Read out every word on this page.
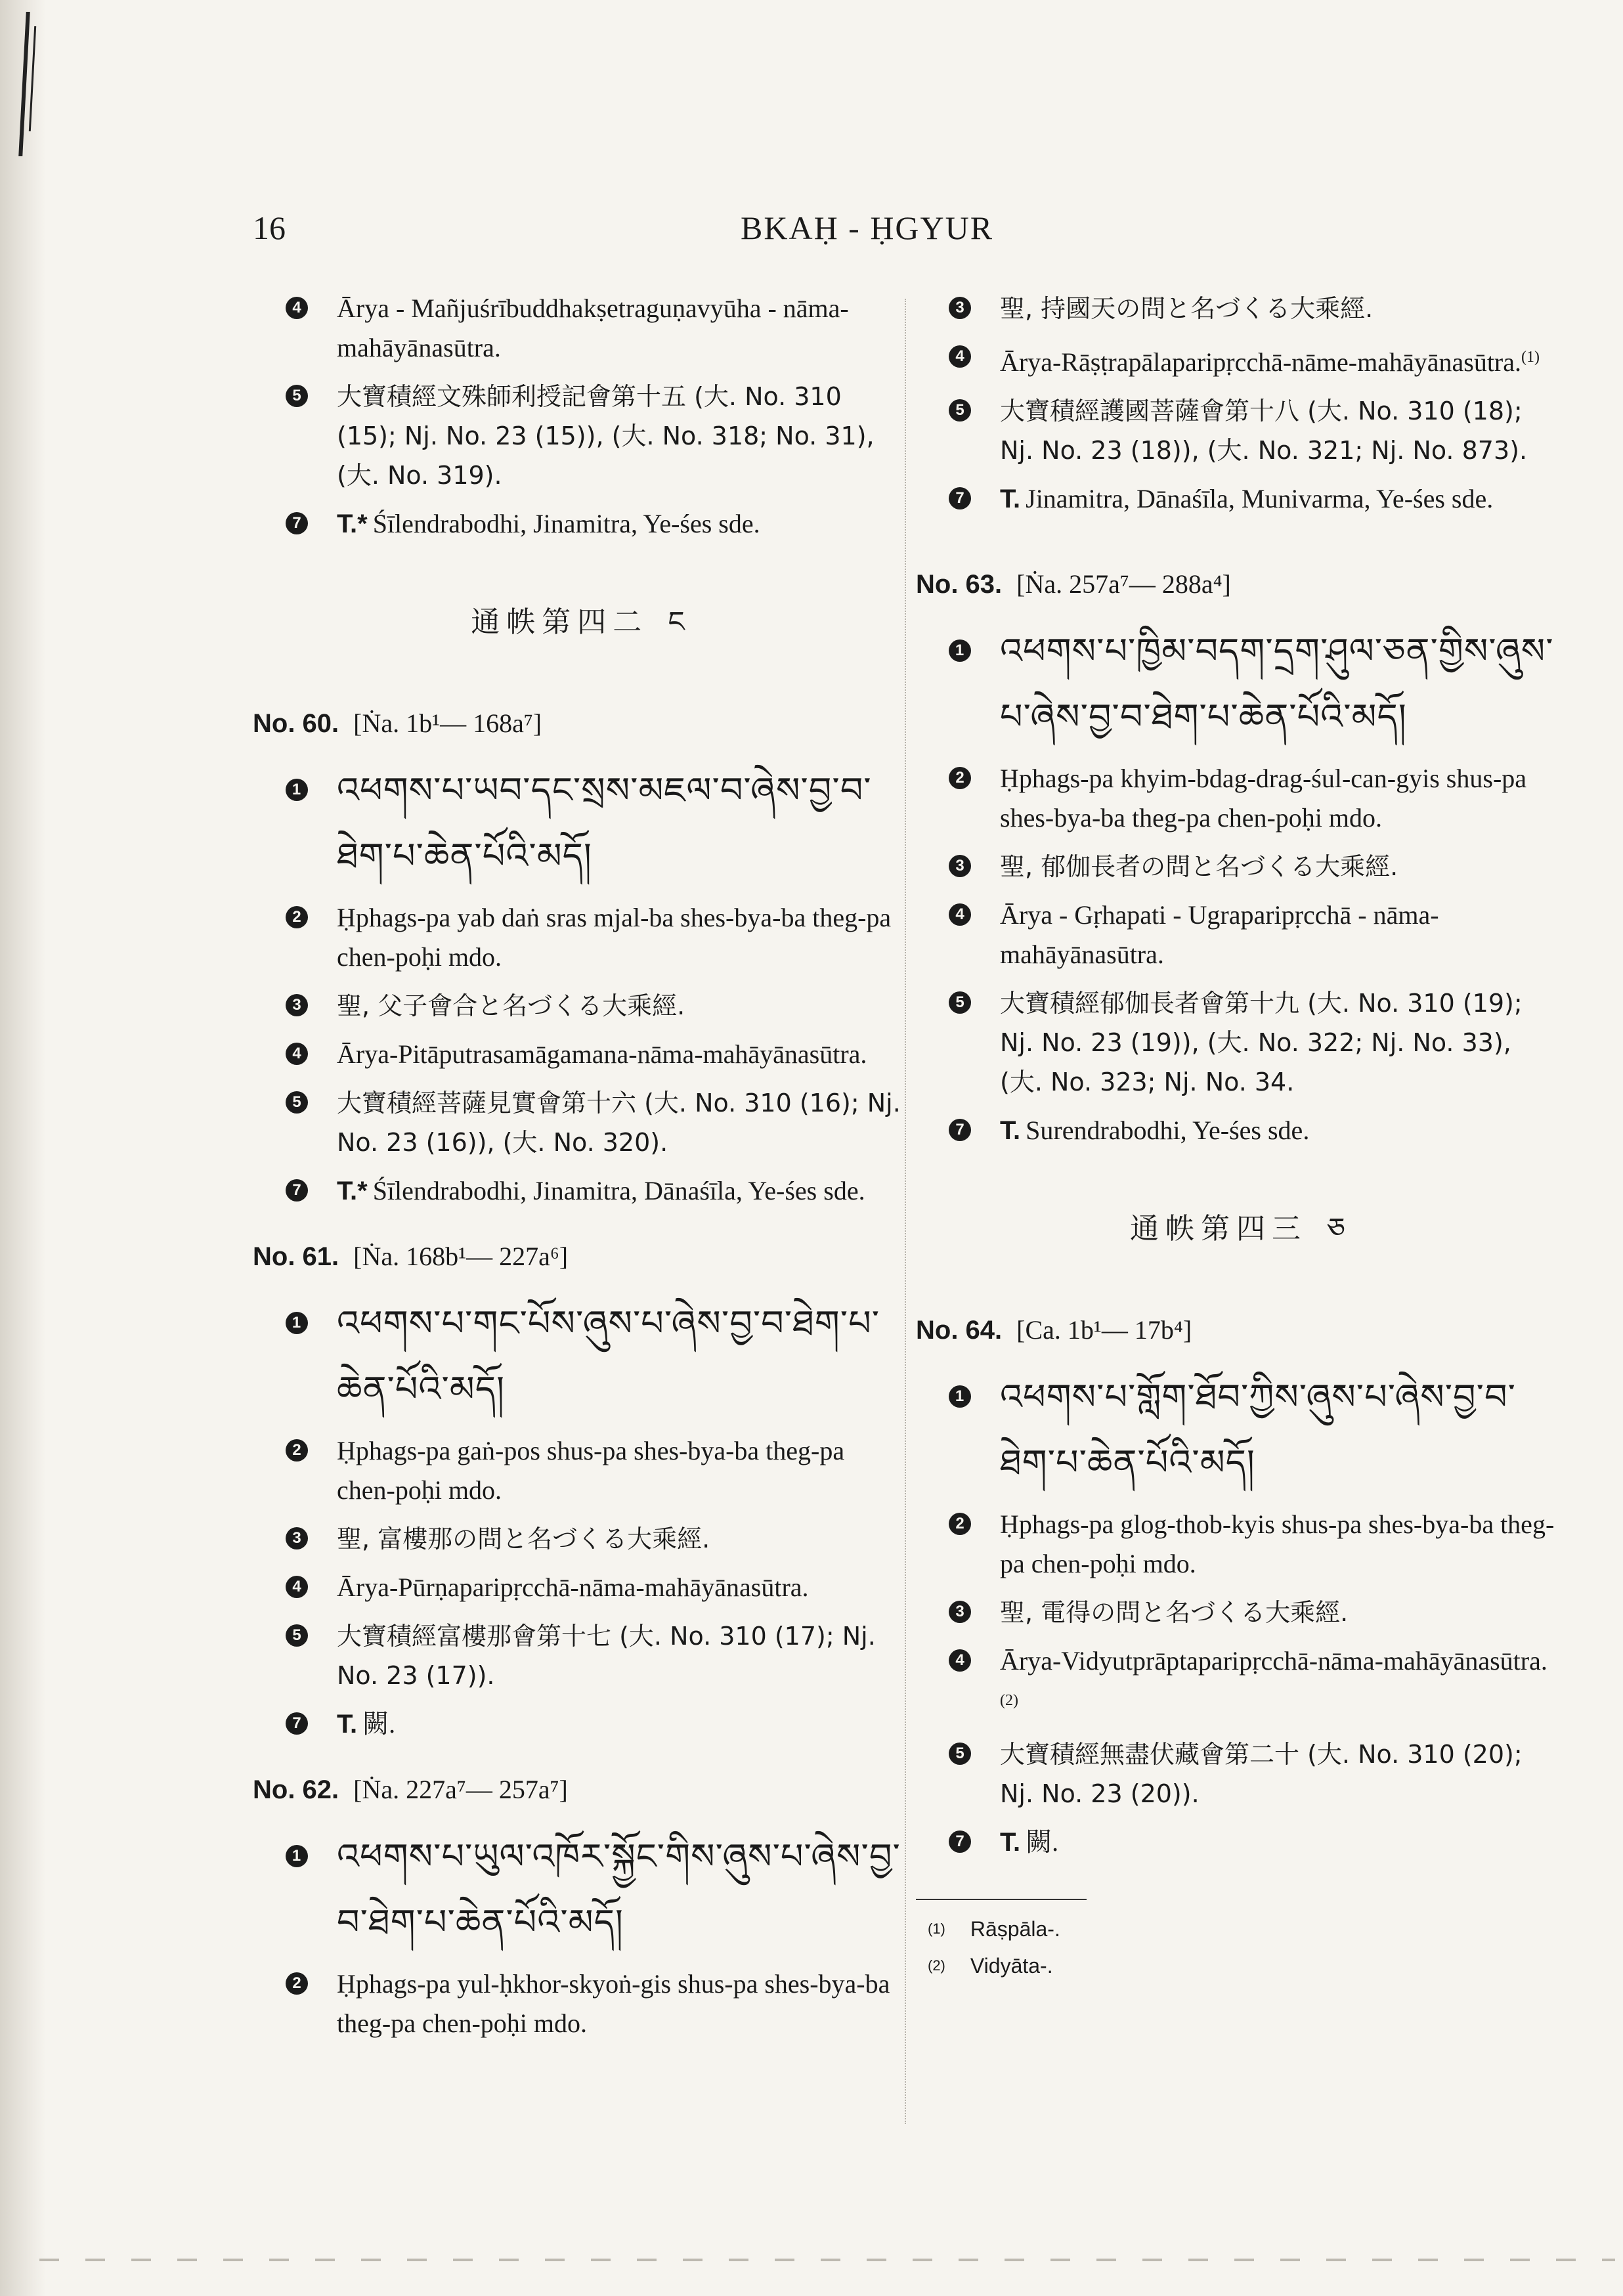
16	BKAḤ - ḤGYUR
4 Ārya - Mañjuśrībuddhakṣetraguṇavyūha - nāma-mahāyānasūtra.
5 大寶積經文殊師利授記會第十五 (大. No. 310 (15); Nj. No. 23 (15)), (大. No. 318; No. 31), (大. No. 319).
7 T.* Śīlendrabodhi, Jinamitra, Ye-śes sde.
通帙第四二 ང
No. 60. [Ṅa. 1b¹— 168a⁷]
1 འཕགས་པ་ཡབ་དང་སྲས་མཇལ་བ་ཞེས་བྱ་བ་ཐེག་པ་ཆེན་པོའི་མདོ།
2 Ḥphags-pa yab daṅ sras mjal-ba shes-bya-ba theg-pa chen-poḥi mdo.
3 聖, 父子會合と名づくる大乘經.
4 Ārya-Pitāputrasamāgamana-nāma-mahāyānasūtra.
5 大寶積經菩薩見實會第十六 (大. No. 310 (16); Nj. No. 23 (16)), (大. No. 320).
7 T.* Śīlendrabodhi, Jinamitra, Dānaśīla, Ye-śes sde.
No. 61. [Ṅa. 168b¹— 227a⁶]
1 འཕགས་པ་གང་པོས་ཞུས་པ་ཞེས་བྱ་བ་ཐེག་པ་ཆེན་པོའི་མདོ།
2 Ḥphags-pa gaṅ-pos shus-pa shes-bya-ba theg-pa chen-poḥi mdo.
3 聖, 富樓那の問と名づくる大乘經.
4 Ārya-Pūrṇaparipṛcchā-nāma-mahāyānasūtra.
5 大寶積經富樓那會第十七 (大. No. 310 (17); Nj. No. 23 (17)).
7 T. 闕.
No. 62. [Ṅa. 227a⁷— 257a⁷]
1 འཕགས་པ་ཡུལ་འཁོར་སྐྱོང་གིས་ཞུས་པ་ཞེས་བྱ་བ་ཐེག་པ་ཆེན་པོའི་མདོ།
2 Ḥphags-pa yul-ḥkhor-skyoṅ-gis shus-pa shes-bya-ba theg-pa chen-poḥi mdo.
3 聖, 持國天の問と名づくる大乘經.
4 Ārya-Rāṣṭrapālaparipṛcchā-nāme-mahāyānasūtra.$^{(1)}$
5 大寶積經護國菩薩會第十八 (大. No. 310 (18); Nj. No. 23 (18)), (大. No. 321; Nj. No. 873).
7 T. Jinamitra, Dānaśīla, Munivarma, Ye-śes sde.
No. 63. [Ṅa. 257a⁷— 288a⁴]
1 འཕགས་པ་ཁྱིམ་བདག་དྲག་ཤུལ་ཅན་གྱིས་ཞུས་པ་ཞེས་བྱ་བ་ཐེག་པ་ཆེན་པོའི་མདོ།
2 Ḥphags-pa khyim-bdag-drag-śul-can-gyis shus-pa shes-bya-ba theg-pa chen-poḥi mdo.
3 聖, 郁伽長者の問と名づくる大乘經.
4 Ārya - Gṛhapati - Ugraparipṛcchā - nāma-mahāyānasūtra.
5 大寶積經郁伽長者會第十九 (大. No. 310 (19); Nj. No. 23 (19)), (大. No. 322; Nj. No. 33), (大. No. 323; Nj. No. 34.
7 T. Surendrabodhi, Ye-śes sde.
通帙第四三 ཅ
No. 64. [Ca. 1b¹— 17b⁴]
1 འཕགས་པ་གློག་ཐོབ་ཀྱིས་ཞུས་པ་ཞེས་བྱ་བ་ཐེག་པ་ཆེན་པོའི་མདོ།
2 Ḥphags-pa glog-thob-kyis shus-pa shes-bya-ba theg-pa chen-poḥi mdo.
3 聖, 電得の問と名づくる大乘經.
4 Ārya-Vidyutprāptaparipṛcchā-nāma-mahāyānasūtra.$^{(2)}$
5 大寶積經無盡伏藏會第二十 (大. No. 310 (20); Nj. No. 23 (20)).
7 T. 闕.
(1) Rāṣpāla-.
(2) Vidyāta-.
